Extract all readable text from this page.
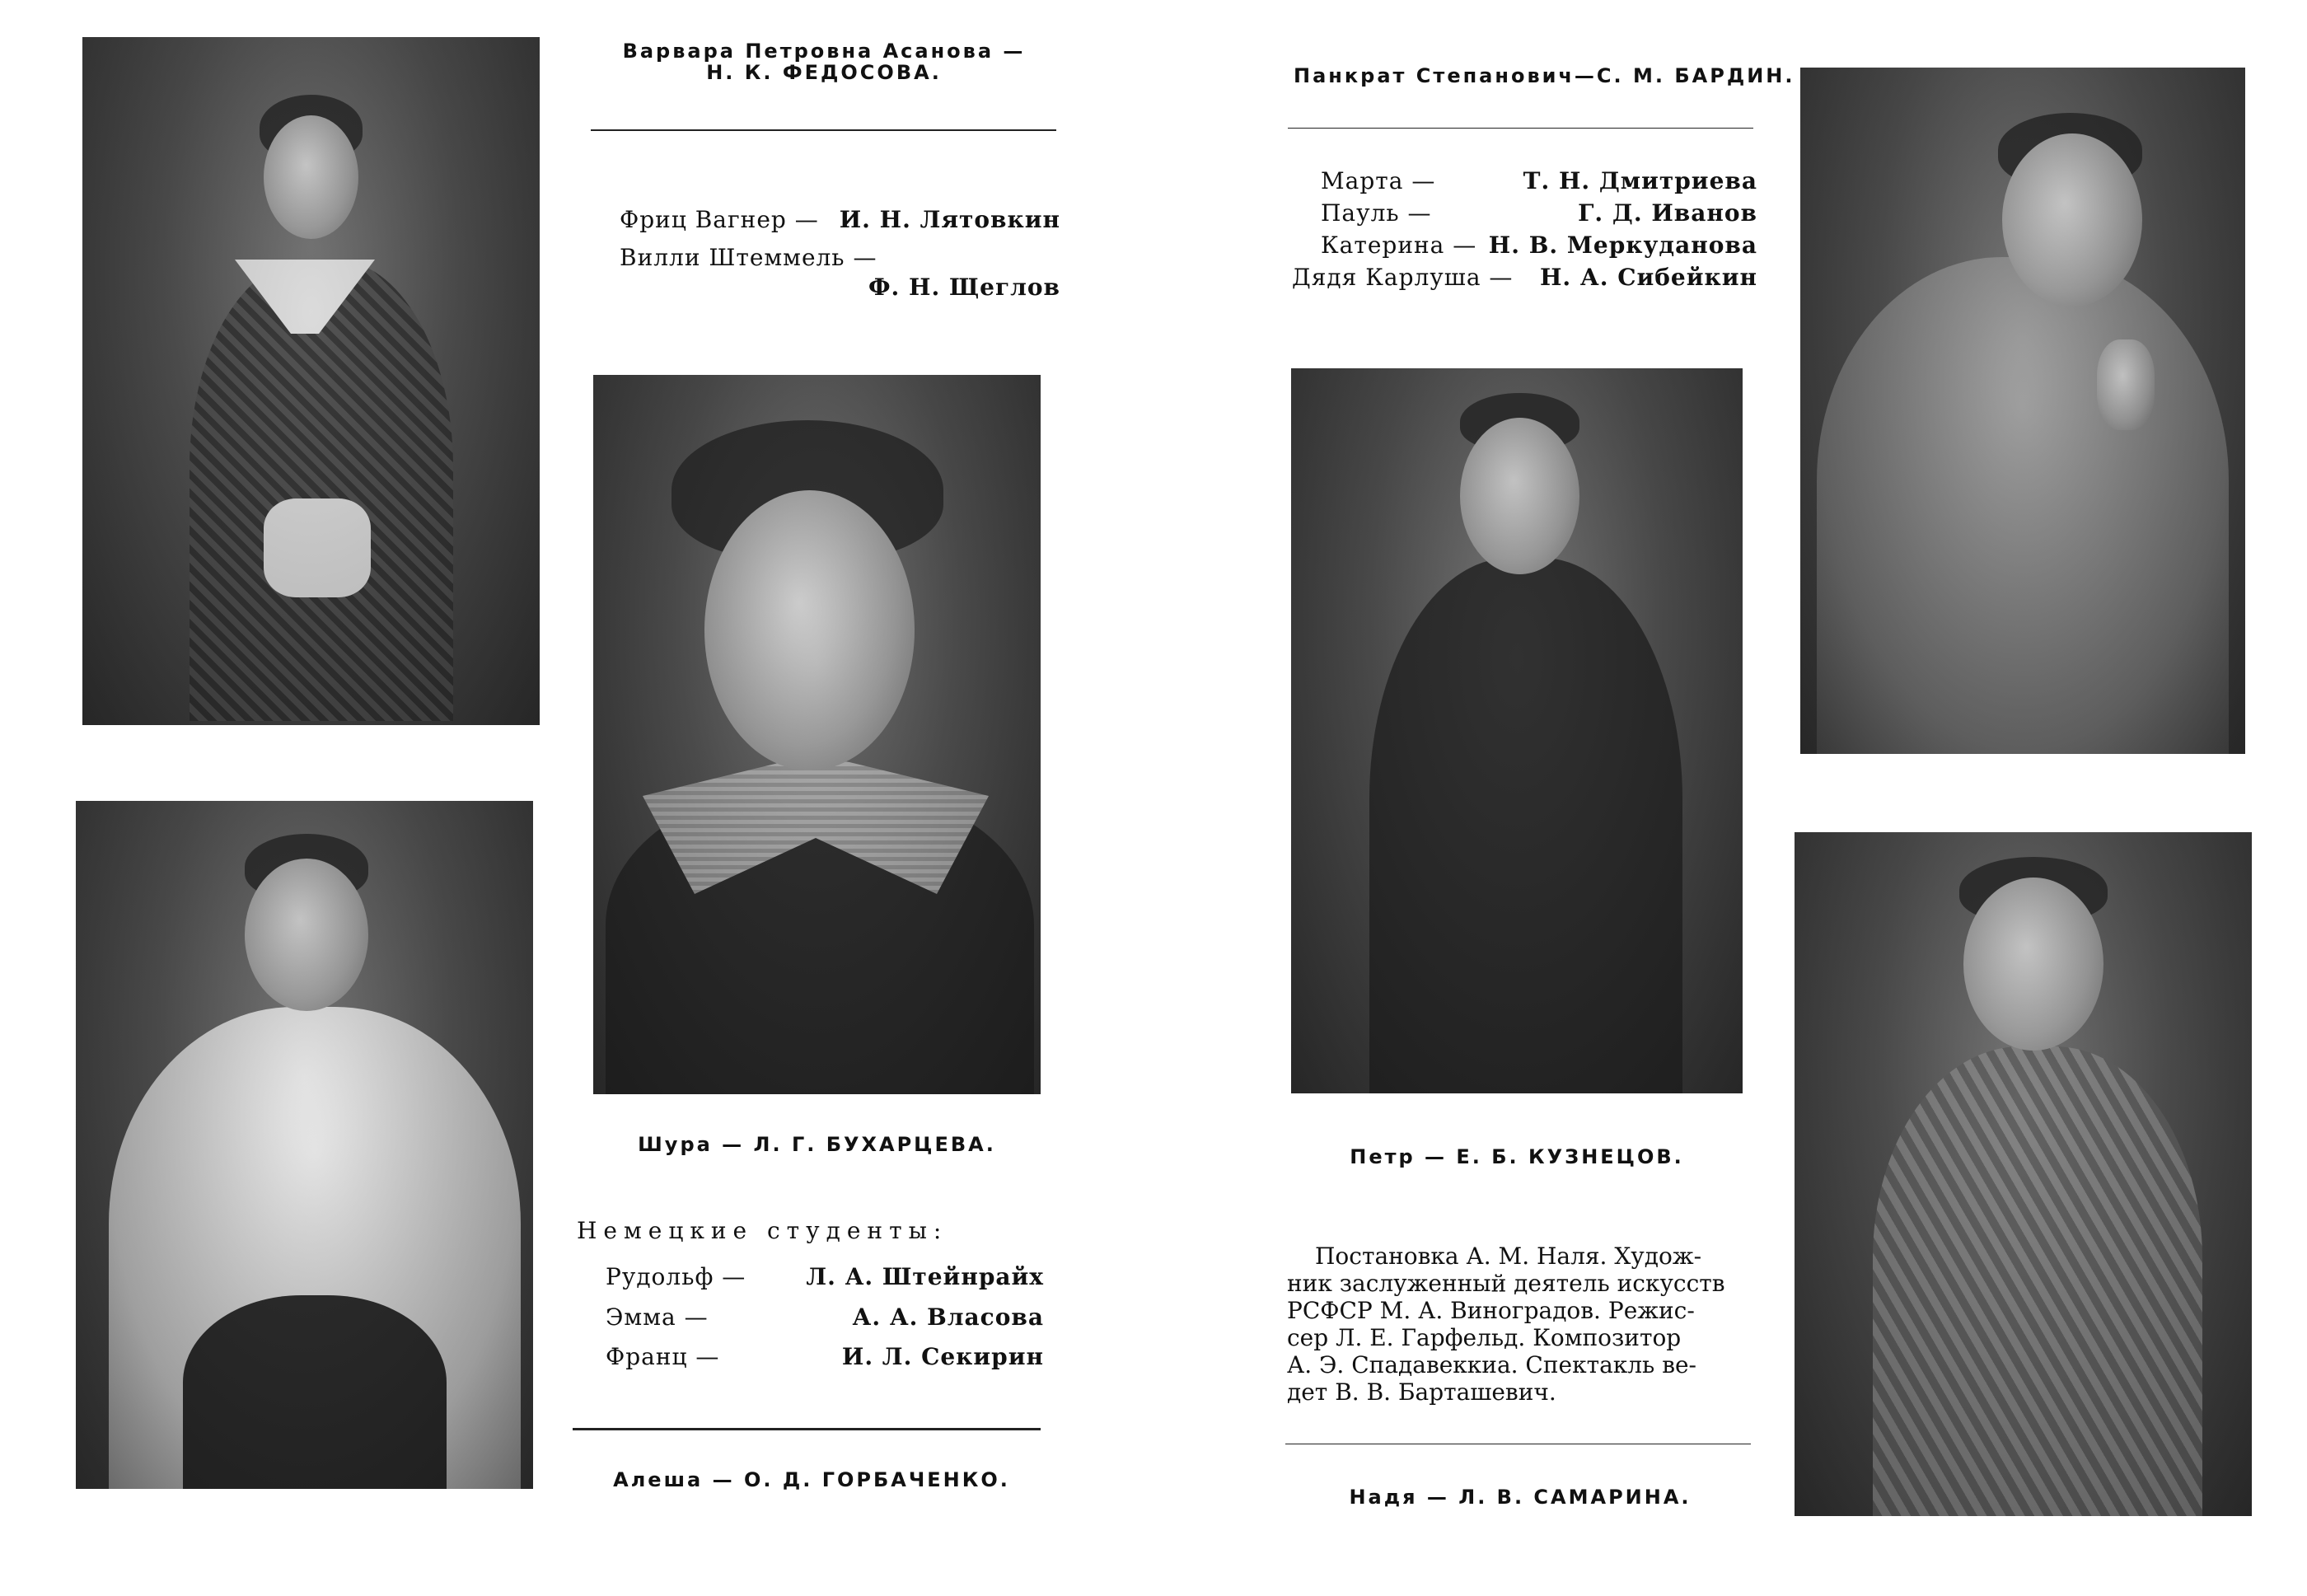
Варвара Петровна Асанова —
Н. К. ФЕДОСОВА.
Фриц Вагнер — И. Н. Лятовкин
Вилли Штеммель —
Ф. Н. Щеглов
Шура — Л. Г. БУХАРЦЕВА.
Немецкие студенты:
Рудольф —	Л. А. Штейнрайх
Эмма —	А. А. Власова
Франц —	И. Л. Секирин
Алеша — О. Д. ГОРБАЧЕНКО.
Панкрат Степанович—С. М. БАРДИН.
Марта —	Т. Н. Дмитриева
Пауль —	Г. Д. Иванов
Катерина — Н. В. Меркуданова
Дядя Карлуша — Н. А. Сибейкин
Петр — Е. Б. КУЗНЕЦОВ.
Постановка А. М. Наля. Худож-
ник заслуженный деятель искусств
РСФСР М. А. Виноградов. Режис-
сер Л. Е. Гарфельд. Композитор
А. Э. Спадавеккиа. Спектакль ве-
дет В. В. Барташевич.
Надя — Л. В. САМАРИНА.
